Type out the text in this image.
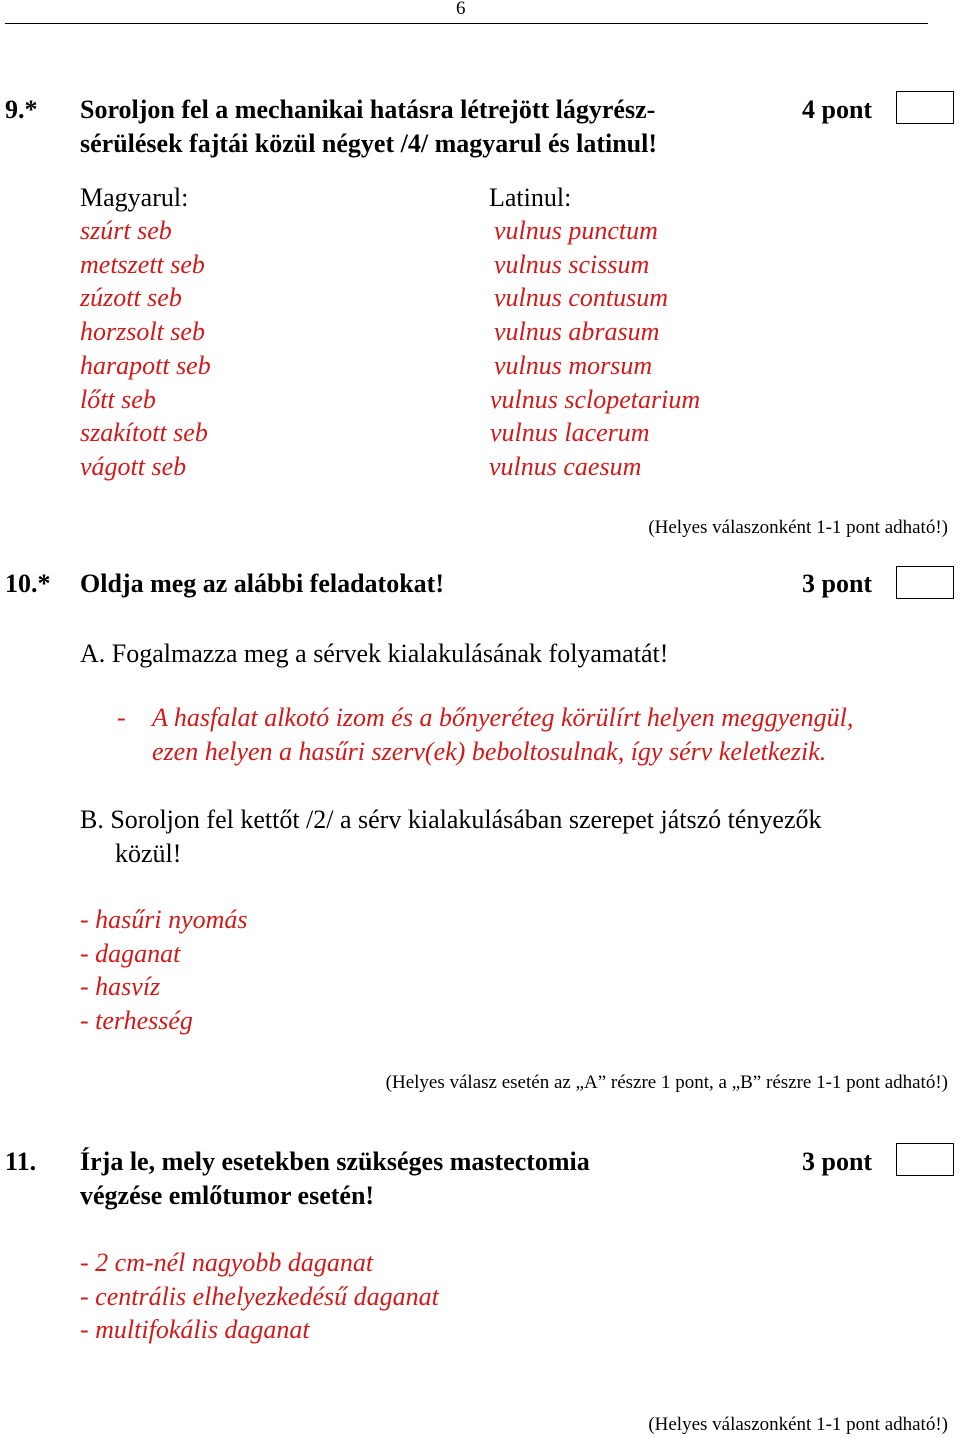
6
9.* Soroljon fel a mechanikai hatásra létrejött lágyrész-
sérülések fajtái közül négyet /4/ magyarul és latinul!
4 pont
Magyarul:	Latinul:
szúrt seb
metszett seb
zúzott seb
horzsolt seb
harapott seb
lőtt seb
szakított seb
vágott seb
vulnus punctum
vulnus scissum
vulnus contusum
vulnus abrasum
vulnus morsum
vulnus sclopetarium
vulnus lacerum
vulnus caesum
(Helyes válaszonként 1-1 pont adható!)
10.* Oldja meg az alábbi feladatokat!	3 pont
A. Fogalmazza meg a sérvek kialakulásának folyamatát!
- A hasfalat alkotó izom és a bőnyeréteg körülírt helyen meggyengül,
ezen helyen a hasűri szerv(ek) beboltosulnak, így sérv keletkezik.
B. Soroljon fel kettőt /2/ a sérv kialakulásában szerepet játszó tényezők
közül!
- hasűri nyomás
- daganat
- hasvíz
- terhesség
(Helyes válasz esetén az „A” részre 1 pont, a „B” részre 1-1 pont adható!)
11. Írja le, mely esetekben szükséges mastectomia
végzése emlőtumor esetén!
3 pont
- 2 cm-nél nagyobb daganat
- centrális elhelyezkedésű daganat
- multifokális daganat
(Helyes válaszonként 1-1 pont adható!)
